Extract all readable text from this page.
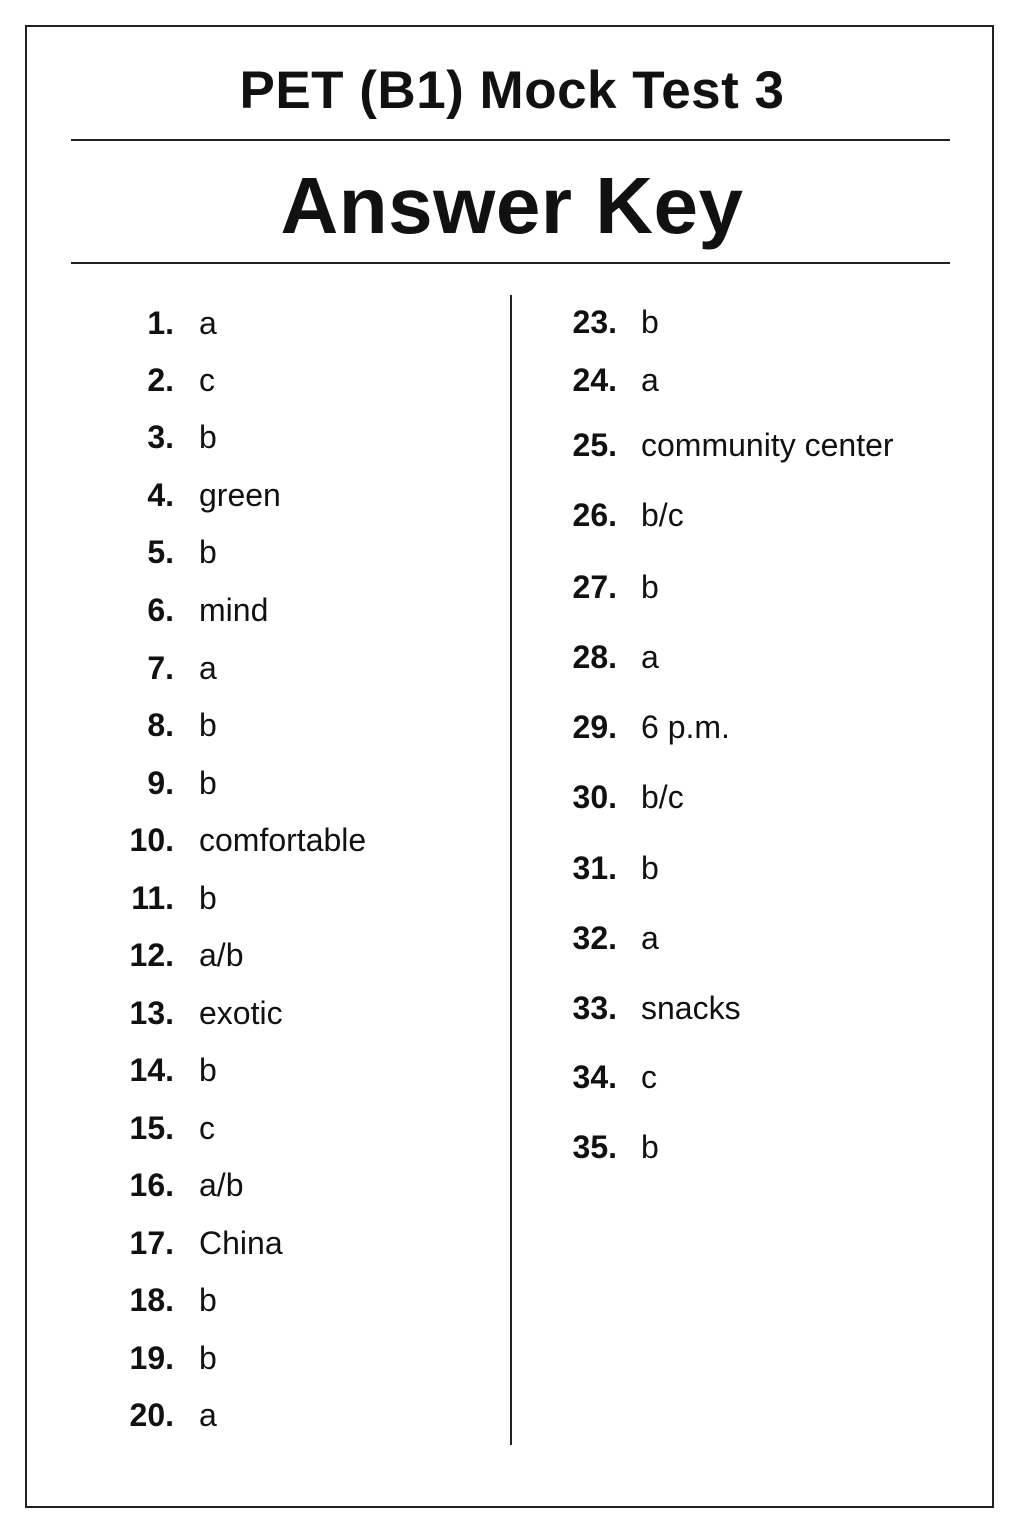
PET (B1) Mock Test 3
Answer Key
1. a
2. c
3. b
4. green
5. b
6. mind
7. a
8. b
9. b
10. comfortable
11. b
12. a/b
13. exotic
14. b
15. c
16. a/b
17. China
18. b
19. b
20. a
23. b
24. a
25. community center
26. b/c
27. b
28. a
29. 6 p.m.
30. b/c
31. b
32. a
33. snacks
34. c
35. b
